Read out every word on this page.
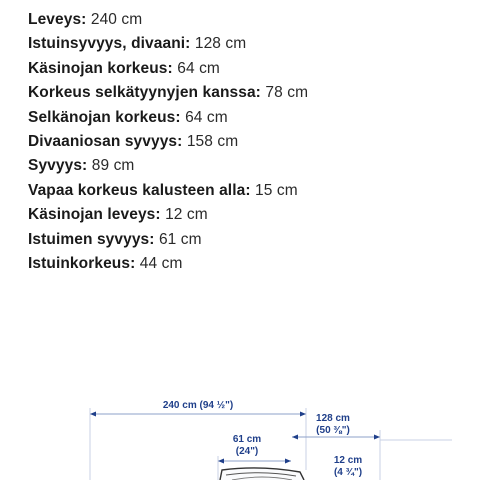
Leveys: 240 cm
Istuinsyvyys, divaani: 128 cm
Käsinojan korkeus: 64 cm
Korkeus selkätyynyjen kanssa: 78 cm
Selkänojan korkeus: 64 cm
Divaaniosan syvyys: 158 cm
Syvyys: 89 cm
Vapaa korkeus kalusteen alla: 15 cm
Käsinojan leveys: 12 cm
Istuimen syvyys: 61 cm
Istuinkorkeus: 44 cm
240 cm (94 ½")
128 cm
(50 ⅜")
61 cm
(24")
12 cm
(4 ¾")
